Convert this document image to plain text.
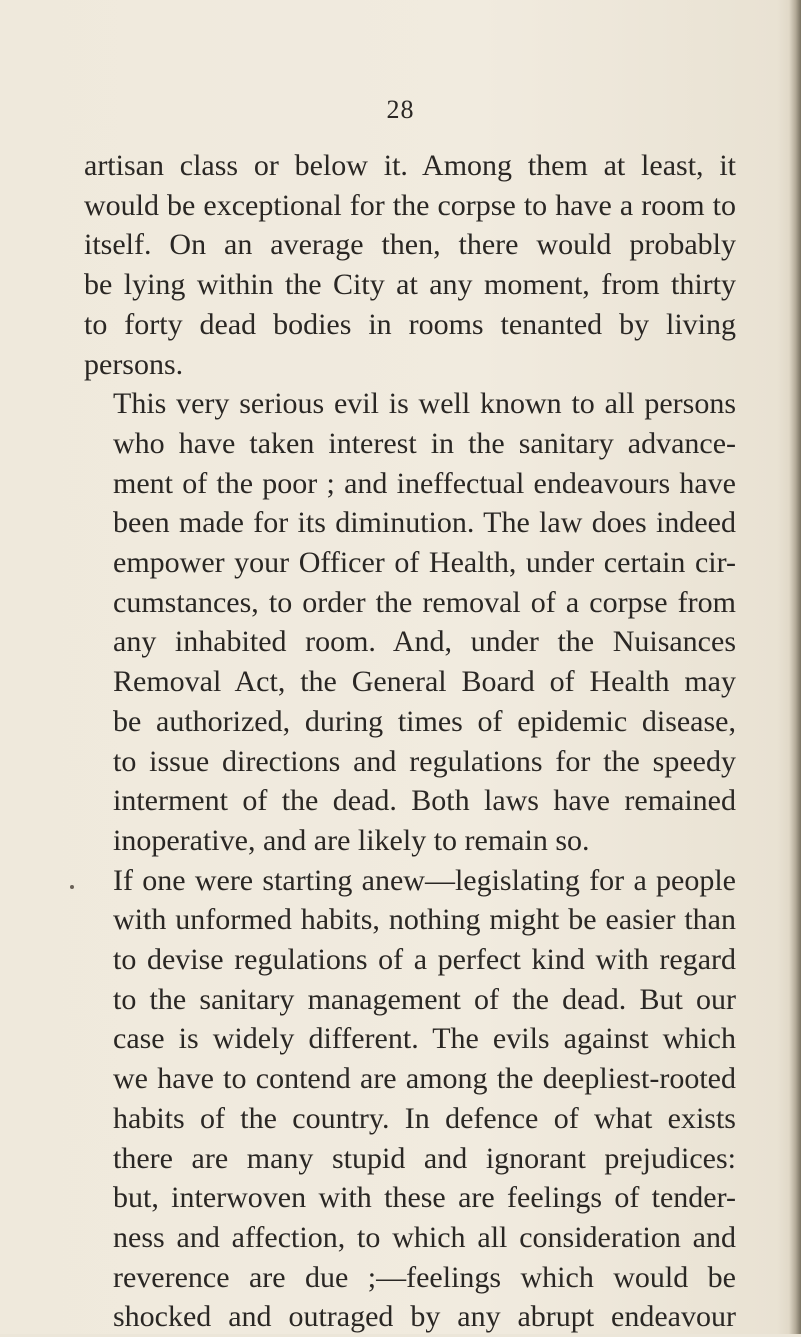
28

artisan class or below it. Among them at least, it
would be exceptional for the corpse to have a room to
itself. On an average then, there would probably
be lying within the City at any moment, from thirty
to forty dead bodies in rooms tenanted by living
persons.

This very serious evil is well known to all persons
who have taken interest in the sanitary advance-
ment of the poor ; and ineffectual endeavours have
been made for its diminution. The law does indeed
empower your Officer of Health, under certain cir-
cumstances, to order the removal of a corpse from
any inhabited room. And, under the Nuisances
Removal Act, the General Board of Health may
be authorized, during times of epidemic disease,
to issue directions and regulations for the speedy
interment of the dead. Both laws have remained
inoperative, and are likely to remain so.

If one were starting anew—legislating for a people
with unformed habits, nothing might be easier than
to devise regulations of a perfect kind with regard
to the sanitary management of the dead. But our
case is widely different. The evils against which
we have to contend are among the deepliest-rooted
habits of the country. In defence of what exists
there are many stupid and ignorant prejudices:
but, interwoven with these are feelings of tender-
ness and affection, to which all consideration and
reverence are due ;—feelings which would be
shocked and outraged by any abrupt endeavour
